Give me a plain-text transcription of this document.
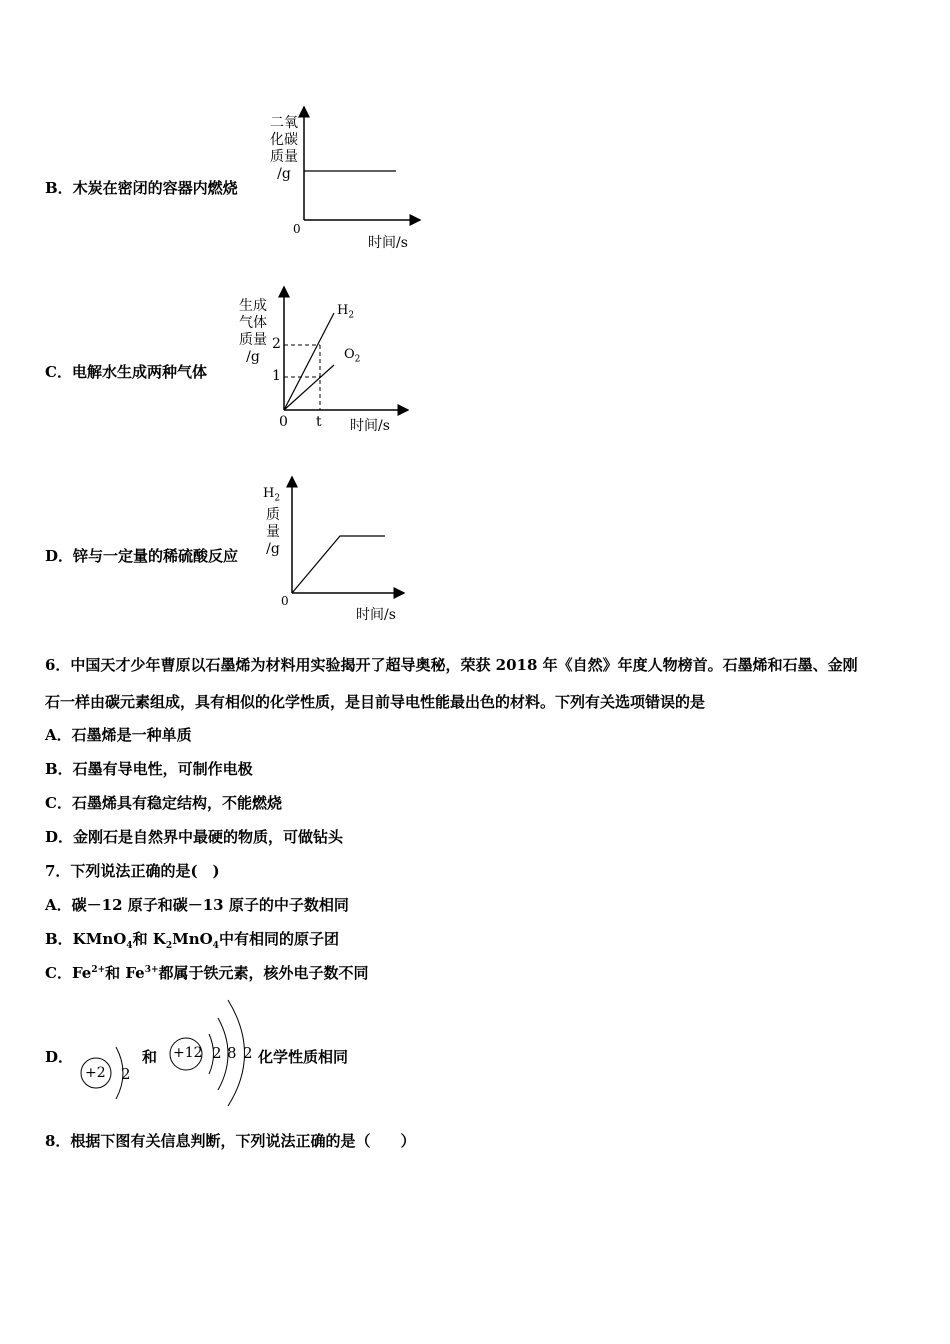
B．木炭在密闭的容器内燃烧
二氧
化碳
质量
/g
0
时间/s
C．电解水生成两种气体
生成
气体
质量
/g
2
1
0 t 时间/s
$H_2$
$O_2$
D．锌与一定量的稀硫酸反应
$H_2$
质
量
/g
0
时间/s
6．中国天才少年曹原以石墨烯为材料用实验揭开了超导奥秘，荣获 2018 年《自然》年度人物榜首。石墨烯和石墨、金刚
石一样由碳元素组成，具有相似的化学性质，是目前导电性能最出色的材料。下列有关选项错误的是
A．石墨烯是一种单质
B．石墨有导电性，可制作电极
C．石墨烯具有稳定结构，不能燃烧
D．金刚石是自然界中最硬的物质，可做钻头
7．下列说法正确的是(　)
A．碳－12 原子和碳－13 原子的中子数相同
B．KMnO$_4$和 $K_2MnO_4$中有相同的原子团
C．$Fe^{2+}$和 $Fe^{3+}$都属于铁元素，核外电子数不同
D．
+2 2
和 +12 2 8 2 化学性质相同
8．根据下图有关信息判断，下列说法正确的是（　　）
